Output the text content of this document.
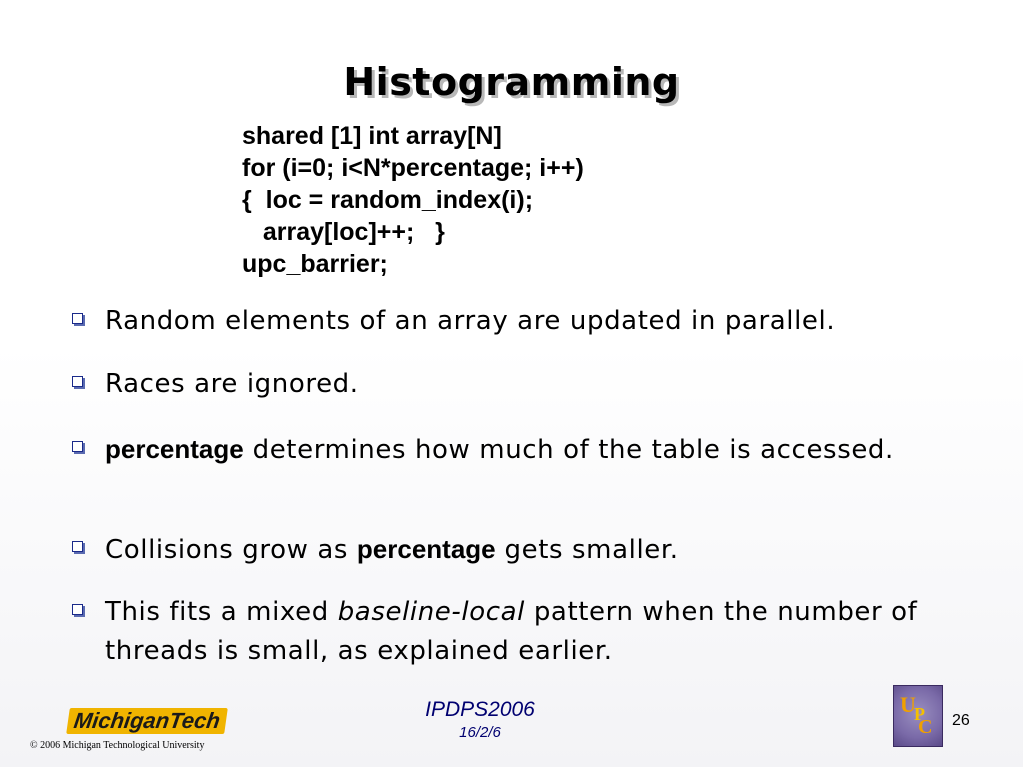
Histogramming
shared [1] int array[N]
for (i=0; i<N*percentage; i++)
{  loc = random_index(i);
array[loc]++;   }
upc_barrier;
Random elements of an array are updated in parallel.
Races are ignored.
percentage determines how much of the table is accessed.
Collisions grow as percentage gets smaller.
This fits a mixed baseline-local pattern when the number of threads is small, as explained earlier.
MichiganTech
© 2006 Michigan Technological University
IPDPS2006
16/2/6
U
P
C 26
